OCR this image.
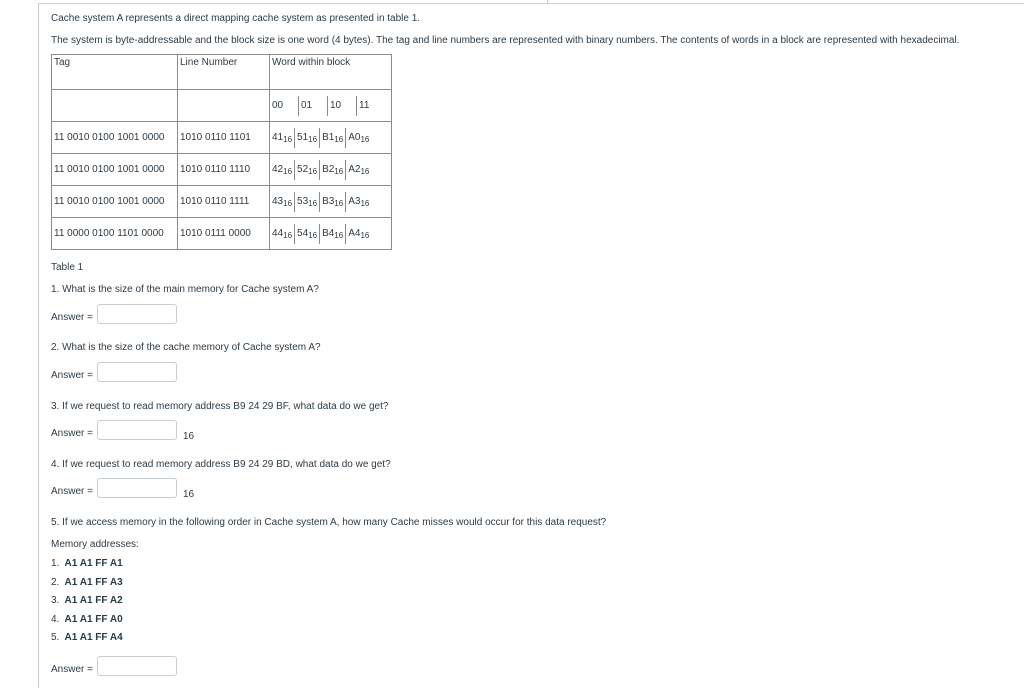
Cache system A represents a direct mapping cache system as presented in table 1.
The system is byte-addressable and the block size is one word (4 bytes). The tag and line numbers are represented with binary numbers. The contents of words in a block are represented with hexadecimal.
Tag	Line Number	Word within block

		00 01 10 11

11 0010 0100 1001 0000	1010 0110 1101	$41_{16}$ $51_{16}$ $B1_{16}$ $A0_{16}$

11 0010 0100 1001 0000	1010 0110 1110	$42_{16}$ $52_{16}$ $B2_{16}$ $A2_{16}$

11 0010 0100 1001 0000	1010 0110 1111	$43_{16}$ $53_{16}$ $B3_{16}$ $A3_{16}$

11 0000 0100 1101 0000	1010 0111 0000	$44_{16}$ $54_{16}$ $B4_{16}$ $A4_{16}$
Table 1
1. What is the size of the main memory for Cache system A?
Answer =
2. What is the size of the cache memory of Cache system A?
Answer =
3. If we request to read memory address B9 24 29 BF, what data do we get?
Answer =	16
4. If we request to read memory address B9 24 29 BD, what data do we get?
Answer =	16
5. If we access memory in the following order in Cache system A, how many Cache misses would occur for this data request?
Memory addresses:
1. A1 A1 FF A1
2. A1 A1 FF A3
3. A1 A1 FF A2
4. A1 A1 FF A0
5. A1 A1 FF A4
Answer =
